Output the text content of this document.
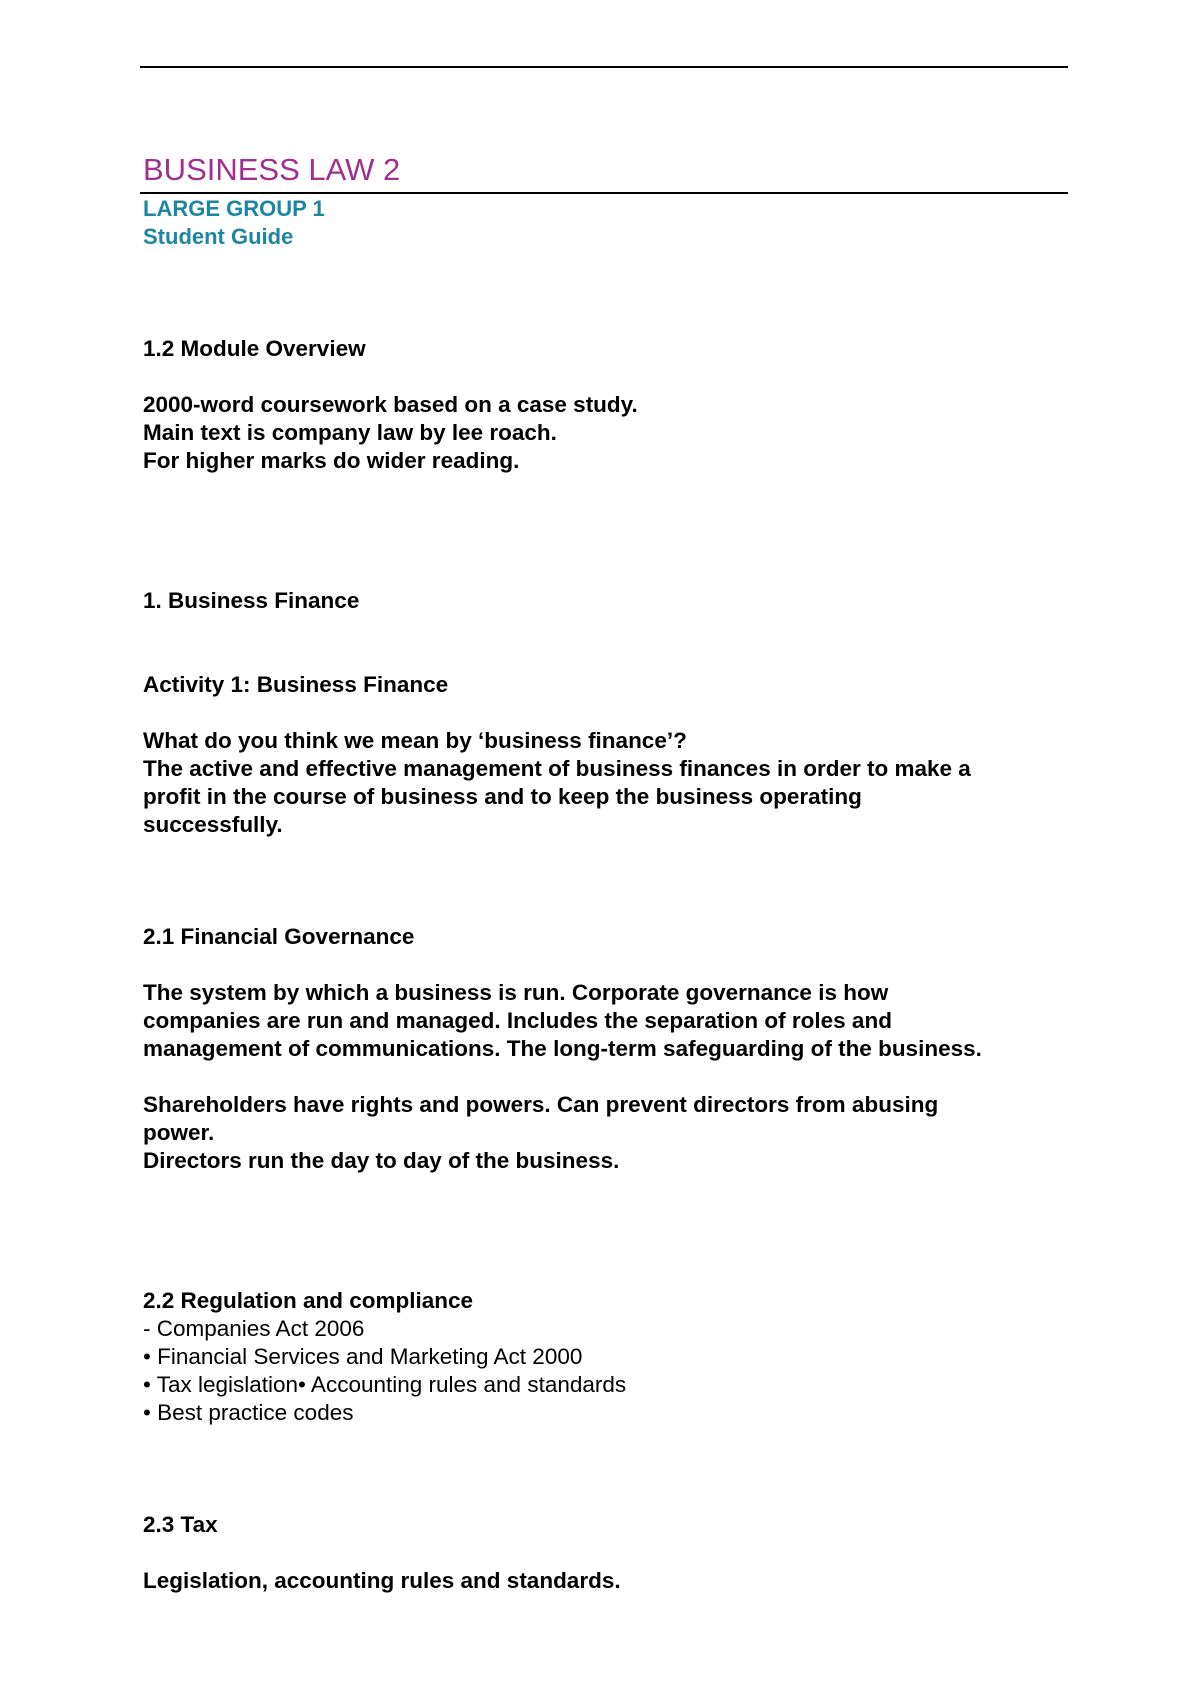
BUSINESS LAW 2
LARGE GROUP 1
Student Guide
1.2 Module Overview
2000-word coursework based on a case study.
Main text is company law by lee roach.
For higher marks do wider reading.
1. Business Finance
Activity 1: Business Finance
What do you think we mean by ‘business finance’?
The active and effective management of business finances in order to make a
profit in the course of business and to keep the business operating
successfully.
2.1 Financial Governance
The system by which a business is run. Corporate governance is how
companies are run and managed. Includes the separation of roles and
management of communications. The long-term safeguarding of the business.
Shareholders have rights and powers. Can prevent directors from abusing
power.
Directors run the day to day of the business.
2.2 Regulation and compliance
- Companies Act 2006
• Financial Services and Marketing Act 2000
• Tax legislation• Accounting rules and standards
• Best practice codes
2.3 Tax
Legislation, accounting rules and standards.
